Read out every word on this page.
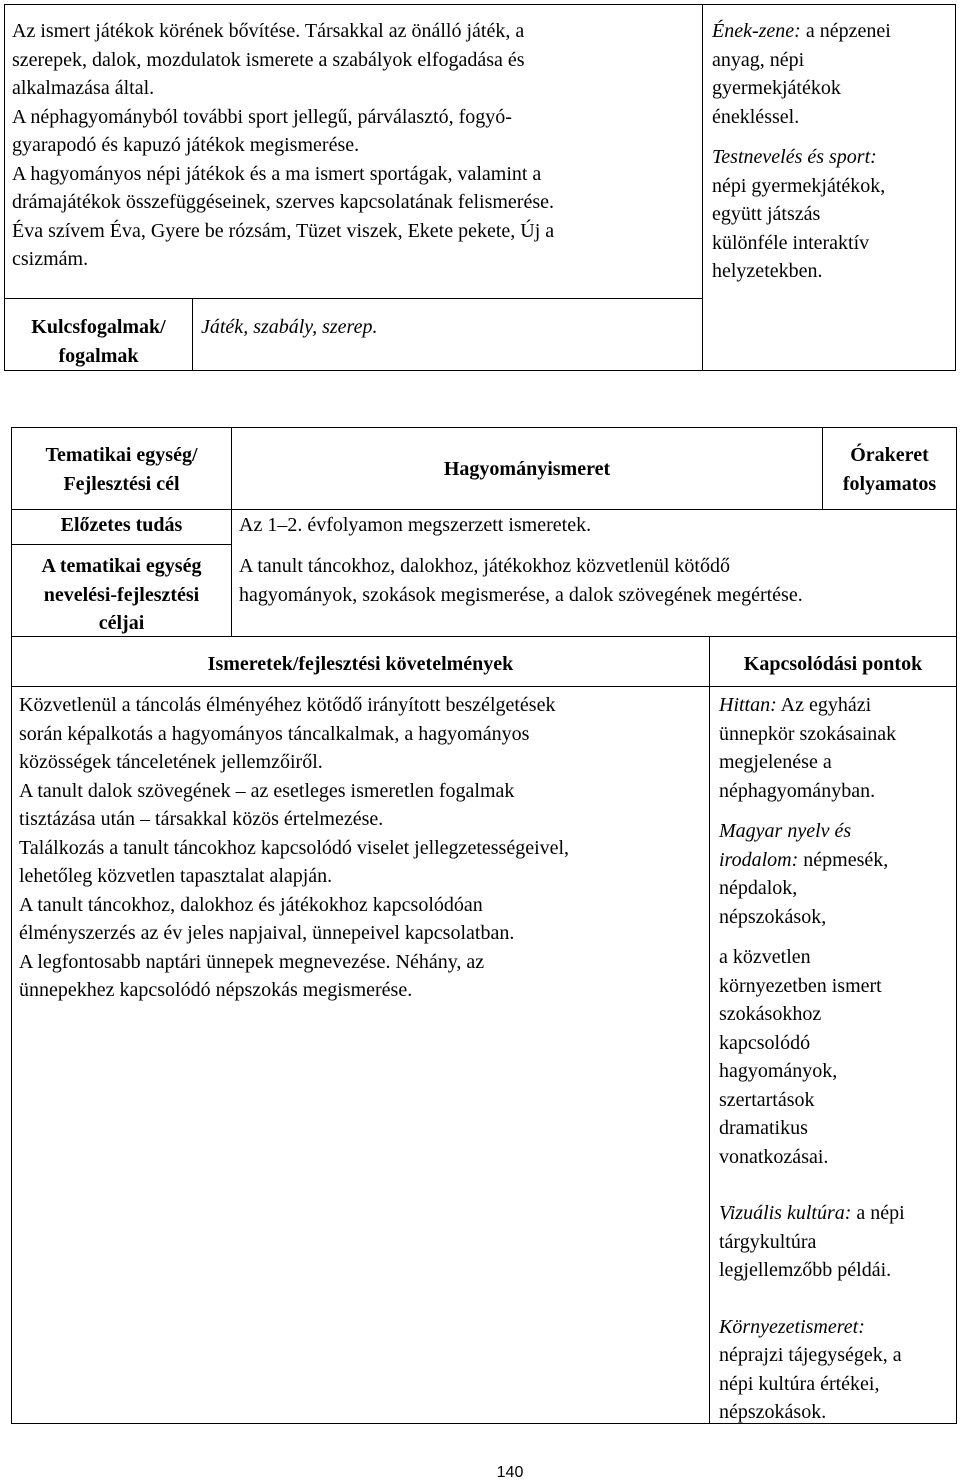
Az ismert játékok körének bővítése. Társakkal az önálló játék, a
szerepek, dalok, mozdulatok ismerete a szabályok elfogadása és
alkalmazása által.
A néphagyományból további sport jellegű, párválasztó, fogyó-
gyarapodó és kapuzó játékok megismerése.
A hagyományos népi játékok és a ma ismert sportágak, valamint a
drámajátékok összefüggéseinek, szerves kapcsolatának felismerése.
Éva szívem Éva, Gyere be rózsám, Tüzet viszek, Ekete pekete, Új a
csizmám.
Ének-zene: a népzenei
anyag, népi
gyermekjátékok
énekléssel.
Testnevelés és sport:
népi gyermekjátékok,
együtt játszás
különféle interaktív
helyzetekben.
Kulcsfogalmak/
fogalmak
Játék, szabály, szerep.
Tematikai egység/
Fejlesztési cél
Hagyományismeret
Órakeret
folyamatos
Előzetes tudás	Az 1–2. évfolyamon megszerzett ismeretek.
A tematikai egység
nevelési-fejlesztési
céljai
A tanult táncokhoz, dalokhoz, játékokhoz közvetlenül kötődő
hagyományok, szokások megismerése, a dalok szövegének megértése.
Ismeretek/fejlesztési követelmények	Kapcsolódási pontok
Közvetlenül a táncolás élményéhez kötődő irányított beszélgetések
során képalkotás a hagyományos táncalkalmak, a hagyományos
közösségek tánceletének jellemzőiről.
A tanult dalok szövegének – az esetleges ismeretlen fogalmak
tisztázása után – társakkal közös értelmezése.
Találkozás a tanult táncokhoz kapcsolódó viselet jellegzetességeivel,
lehetőleg közvetlen tapasztalat alapján.
A tanult táncokhoz, dalokhoz és játékokhoz kapcsolódóan
élményszerzés az év jeles napjaival, ünnepeivel kapcsolatban.
A legfontosabb naptári ünnepek megnevezése. Néhány, az
ünnepekhez kapcsolódó népszokás megismerése.
Hittan: Az egyházi
ünnepkör szokásainak
megjelenése a
néphagyományban.
Magyar nyelv és
irodalom: népmesék,
népdalok,
népszokások,
a közvetlen
környezetben ismert
szokásokhoz
kapcsolódó
hagyományok,
szertartások
dramatikus
vonatkozásai.
Vizuális kultúra: a népi
tárgykultúra
legjellemzőbb példái.
Környezetismeret:
néprajzi tájegységek, a
népi kultúra értékei,
népszokások.
140
